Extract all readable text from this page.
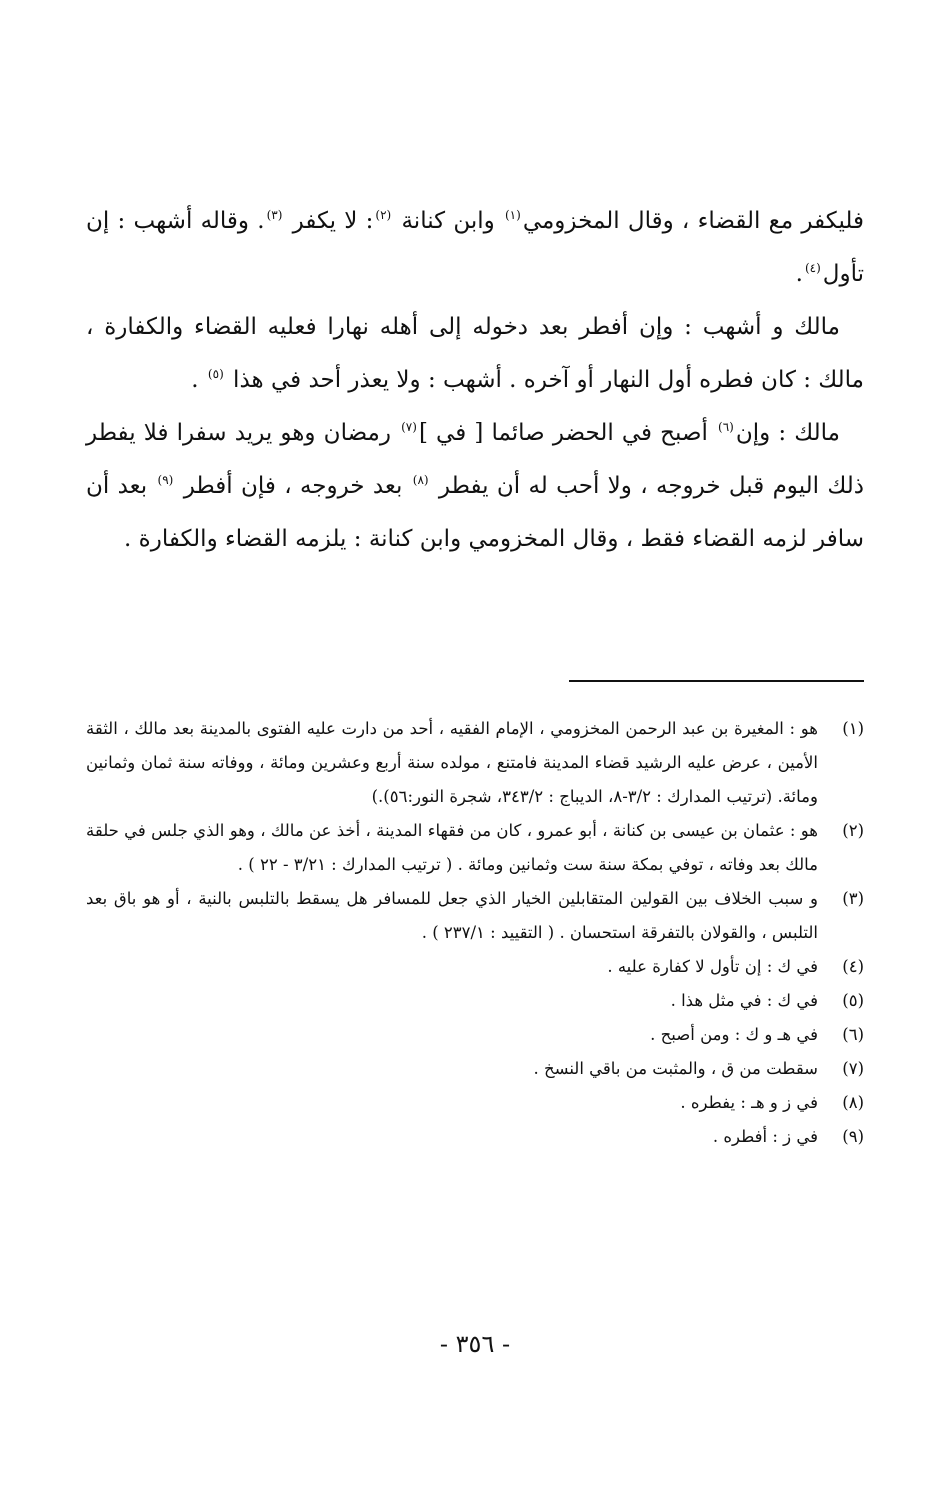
فليكفر مع القضاء ، وقال المخزومي$^{(١)}$ وابن كنانة $^{(٢)}$: لا يكفر $^{(٣)}$. وقاله أشهب : إن تأول$^{(٤)}$.

مالك و أشهب : وإن أفطر بعد دخوله إلى أهله نهارا فعليه القضاء والكفارة ، مالك : كان فطره أول النهار أو آخره . أشهب : ولا يعذر أحد في هذا $^{(٥)}$ .

مالك : وإن$^{(٦)}$ أصبح في الحضر صائما [ في ]$^{(٧)}$ رمضان وهو يريد سفرا فلا يفطر ذلك اليوم قبل خروجه ، ولا أحب له أن يفطر $^{(٨)}$ بعد خروجه ، فإن أفطر $^{(٩)}$ بعد أن سافر لزمه القضاء فقط ، وقال المخزومي وابن كنانة : يلزمه القضاء والكفارة .

(١)
هو : المغيرة بن عبد الرحمن المخزومي ، الإمام الفقيه ، أحد من دارت عليه الفتوى بالمدينة بعد مالك ، الثقة الأمين ، عرض عليه الرشيد قضاء المدينة فامتنع ، مولده سنة أربع وعشرين ومائة ، ووفاته سنة ثمان وثمانين ومائة. (ترتيب المدارك : ٣/٢-٨، الديباج : ٣٤٣/٢، شجرة النور:٥٦).)
(٢)
هو : عثمان بن عيسى بن كنانة ، أبو عمرو ، كان من فقهاء المدينة ، أخذ عن مالك ، وهو الذي جلس في حلقة مالك بعد وفاته ، توفي بمكة سنة ست وثمانين ومائة . ( ترتيب المدارك : ٣/٢١ - ٢٢ ) .
(٣)
و سبب الخلاف بين القولين المتقابلين الخيار الذي جعل للمسافر هل يسقط بالتلبس بالنية ، أو هو باق بعد التلبس ، والقولان بالتفرقة استحسان . ( التقييد : ٢٣٧/١ ) .
(٤)
في ك : إن تأول لا كفارة عليه .
(٥)
في ك : في مثل هذا .
(٦)
في هـ و ك : ومن أصبح .
(٧)
سقطت من ق ، والمثبت من باقي النسخ .
(٨)
في ز و هـ : يفطره .
(٩)
في ز : أفطره .
- ٣٥٦ -
